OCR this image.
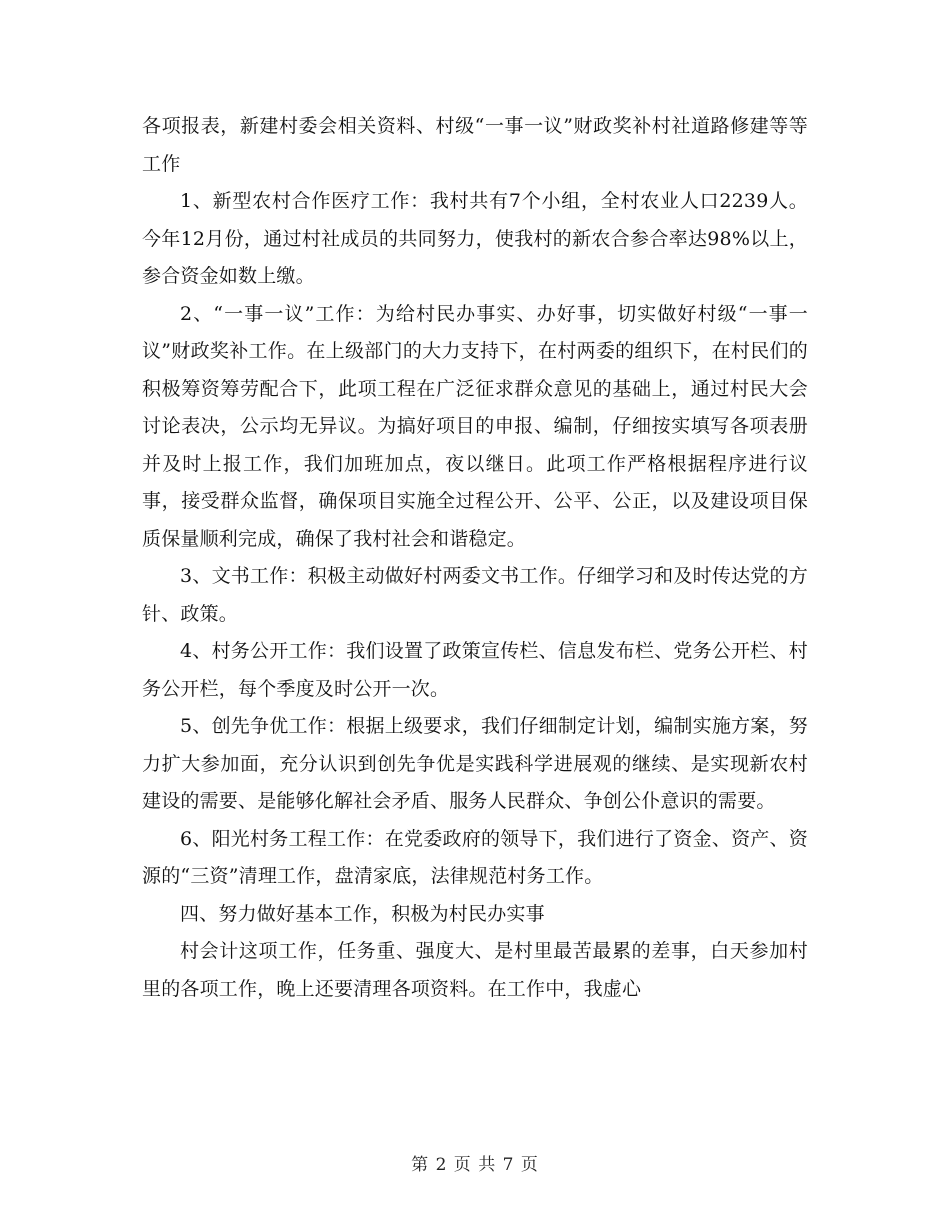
各项报表，新建村委会相关资料、村级“一事一议”财政奖补村社道路修建等等工作

1、新型农村合作医疗工作：我村共有7个小组，全村农业人口2239人。今年12月份，通过村社成员的共同努力，使我村的新农合参合率达98%以上，参合资金如数上缴。

2、“一事一议”工作：为给村民办事实、办好事，切实做好村级“一事一议”财政奖补工作。在上级部门的大力支持下，在村两委的组织下，在村民们的积极筹资筹劳配合下，此项工程在广泛征求群众意见的基础上，通过村民大会讨论表决，公示均无异议。为搞好项目的申报、编制，仔细按实填写各项表册并及时上报工作，我们加班加点，夜以继日。此项工作严格根据程序进行议事，接受群众监督，确保项目实施全过程公开、公平、公正，以及建设项目保质保量顺利完成，确保了我村社会和谐稳定。

3、文书工作：积极主动做好村两委文书工作。仔细学习和及时传达党的方针、政策。

4、村务公开工作：我们设置了政策宣传栏、信息发布栏、党务公开栏、村务公开栏，每个季度及时公开一次。

5、创先争优工作：根据上级要求，我们仔细制定计划，编制实施方案，努力扩大参加面，充分认识到创先争优是实践科学进展观的继续、是实现新农村建设的需要、是能够化解社会矛盾、服务人民群众、争创公仆意识的需要。

6、阳光村务工程工作：在党委政府的领导下，我们进行了资金、资产、资源的“三资”清理工作，盘清家底，法律规范村务工作。

四、努力做好基本工作，积极为村民办实事

村会计这项工作，任务重、强度大、是村里最苦最累的差事，白天参加村里的各项工作，晚上还要清理各项资料。在工作中，我虚心

第 2 页 共 7 页
